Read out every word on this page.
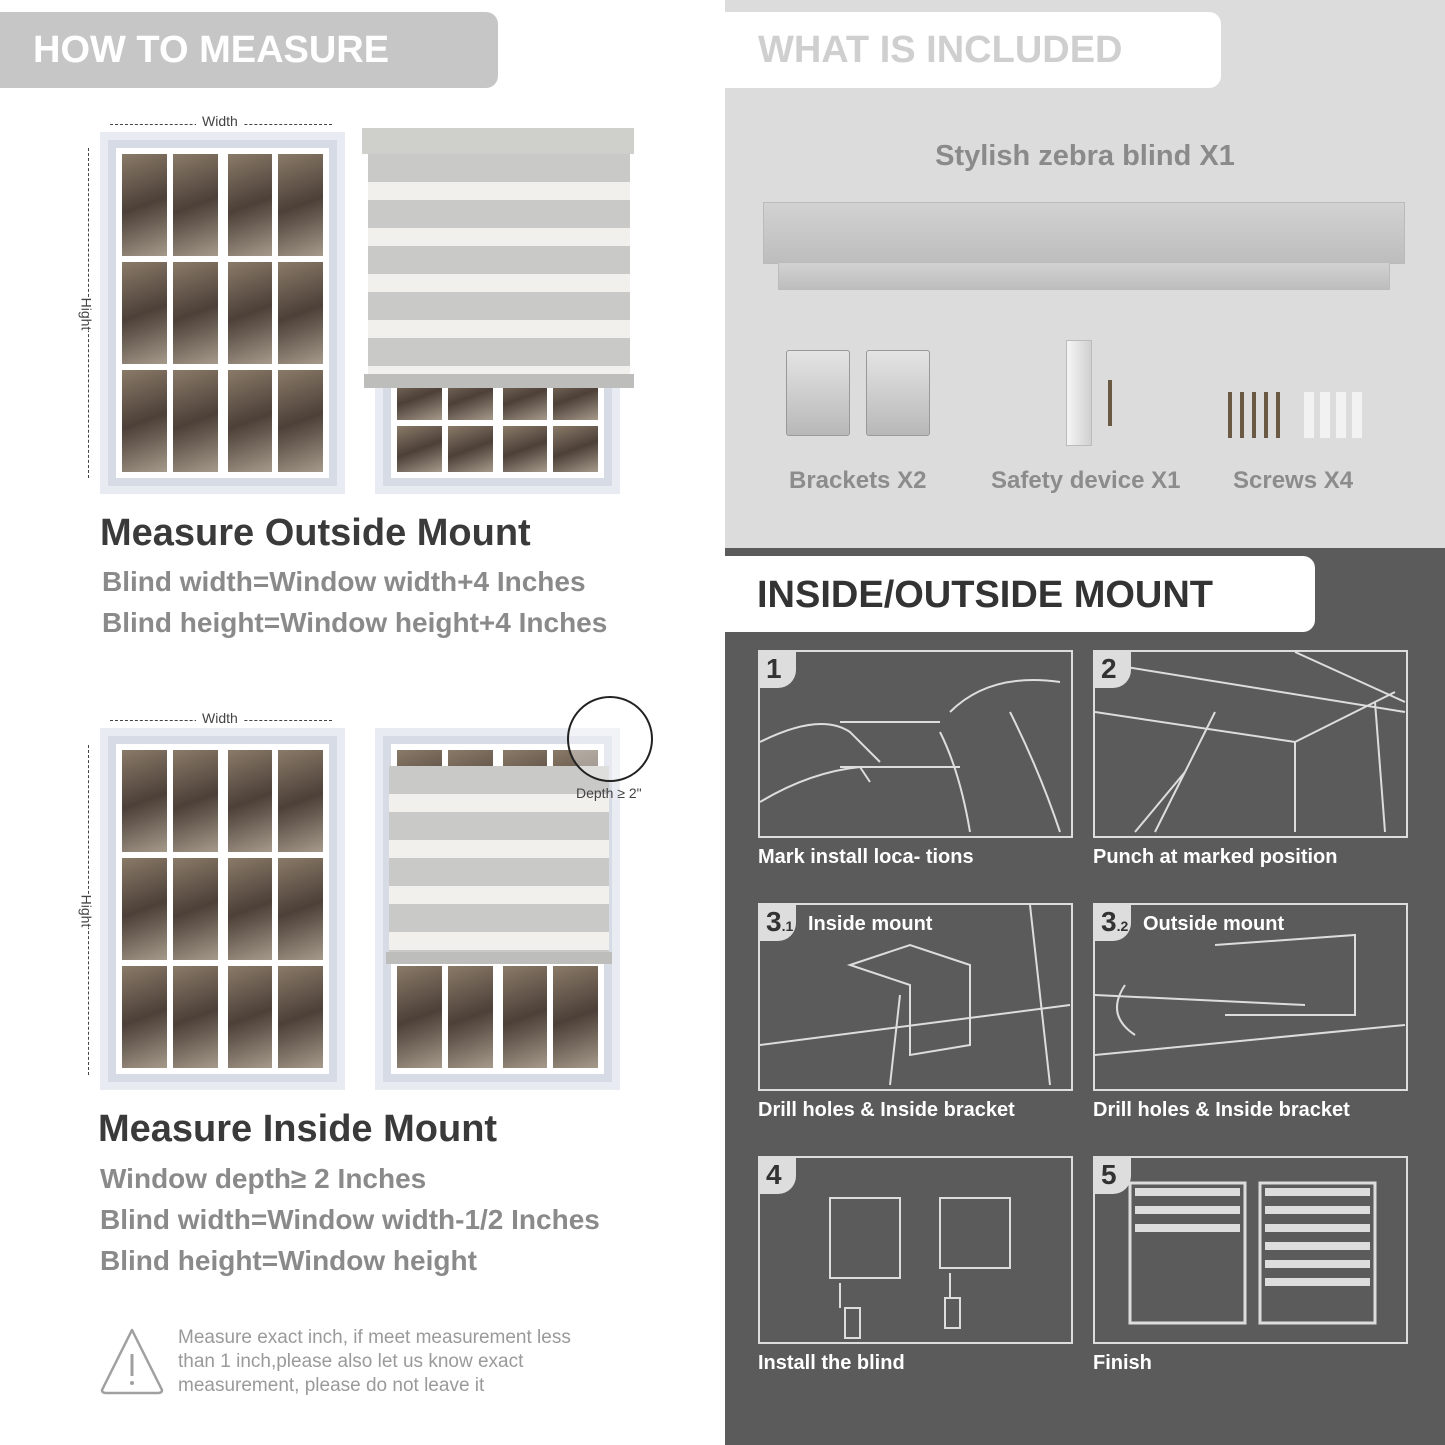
HOW TO MEASURE
Width
Hight
Measure Outside Mount
Blind width=Window width+4 Inches
Blind height=Window height+4 Inches
Width
Hight
Depth ≥ 2"
Measure Inside Mount
Window depth≥ 2 Inches
Blind width=Window width-1/2 Inches
Blind height=Window height
Measure exact inch, if meet measurement less
than 1 inch,please also let us know exact
measurement, please do not leave it
WHAT IS INCLUDED
Stylish zebra blind X1
Brackets X2	Safety device X1 Screws X4
INSIDE/OUTSIDE MOUNT
1
Mark install loca- tions
2
Punch at marked position
3.1 Inside mount
Drill holes & Inside bracket
3.2 Outside mount
Drill holes & Inside bracket
4
Install the blind
5
Finish
